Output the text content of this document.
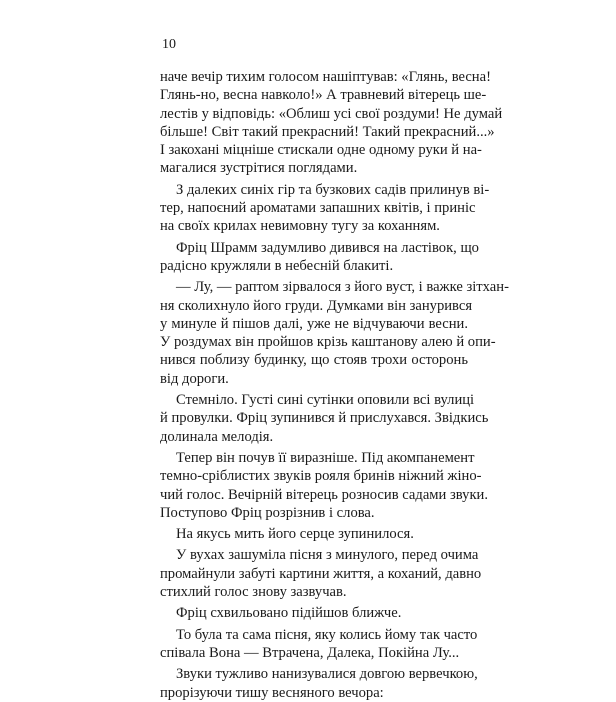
10
наче вечір тихим голосом нашіптував: «Глянь, весна!
Глянь-но, весна навколо!» А травневий вітерець ше-
лестів у відповідь: «Облиш усі свої роздуми! Не думай
більше! Світ такий прекрасний! Такий прекрасний...»
І закохані міцніше стискали одне одному руки й на-
магалися зустрітися поглядами.
З далеких синіх гір та бузкових садів прилинув ві-
тер, напоєний ароматами запашних квітів, і приніс
на своїх крилах невимовну тугу за коханням.
Фріц Шрамм задумливо дивився на ластівок, що
радісно кружляли в небесній блакиті.
— Лу, — раптом зірвалося з його вуст, і важке зітхан-
ня сколихнуло його груди. Думками він занурився
у минуле й пішов далі, уже не відчуваючи весни.
У роздумах він пройшов крізь каштанову алею й опи-
нився поблизу будинку, що стояв трохи осторонь
від дороги.
Стемніло. Густі сині сутінки оповили всі вулиці
й провулки. Фріц зупинився й прислухався. Звідкись
долинала мелодія.
Тепер він почув її виразніше. Під акомпанемент
темно-сріблистих звуків рояля бринів ніжний жіно-
чий голос. Вечірній вітерець розносив садами звуки.
Поступово Фріц розрізнив і слова.
На якусь мить його серце зупинилося.
У вухах зашуміла пісня з минулого, перед очима
промайнули забуті картини життя, а коханий, давно
стихлий голос знову зазвучав.
Фріц схвильовано підійшов ближче.
То була та сама пісня, яку колись йому так часто
співала Вона — Втрачена, Далека, Покійна Лу...
Звуки тужливо нанизувалися довгою вервечкою,
прорізуючи тишу весняного вечора:
